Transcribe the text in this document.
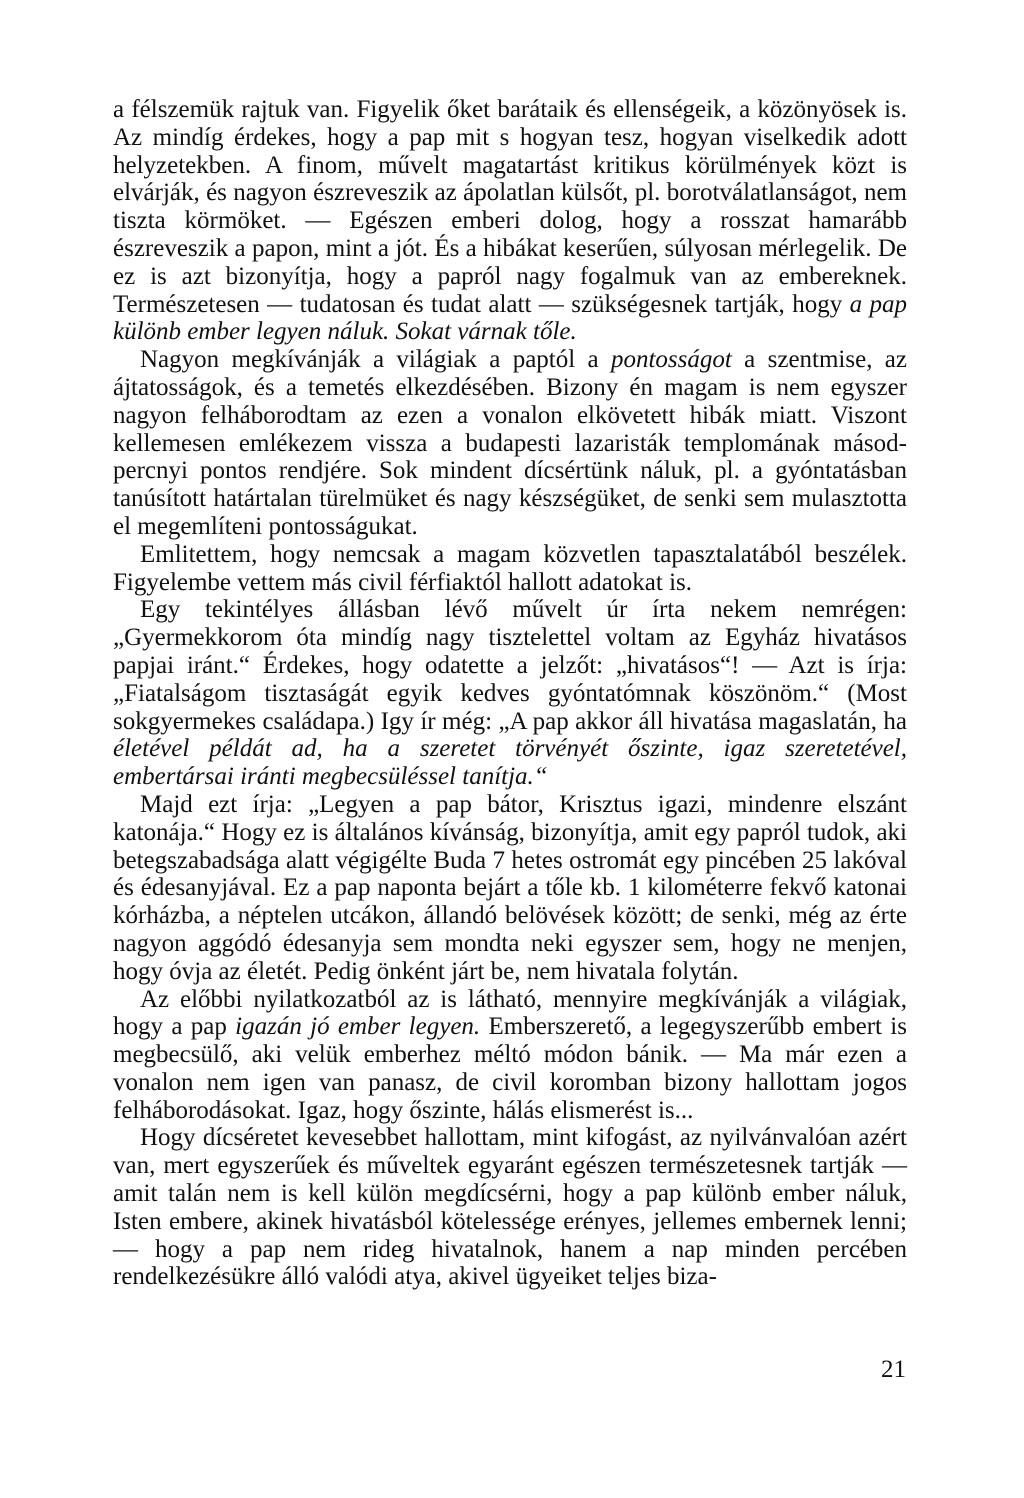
a félszemük rajtuk van. Figyelik őket barátaik és ellenségeik, a közönyösek is. Az mindíg érdekes, hogy a pap mit s hogyan tesz, hogyan viselkedik adott helyzetekben. A finom, művelt magatartást kritikus körülmények közt is elvárják, és nagyon észreveszik az ápolatlan külsőt, pl. borotválatlanságot, nem tiszta körmöket. — Egészen emberi dolog, hogy a rosszat hamarább észreveszik a papon, mint a jót. És a hibákat keserűen, súlyosan mérlegelik. De ez is azt bizonyítja, hogy a papról nagy fogalmuk van az embereknek. Természetesen — tudatosan és tudat alatt — szükségesnek tartják, hogy a pap különb ember legyen náluk. Sokat várnak tőle.

Nagyon megkívánják a világiak a paptól a pontosságot a szentmise, az ájtatosságok, és a temetés elkezdésében. Bizony én magam is nem egyszer nagyon felháborodtam az ezen a vonalon elkövetett hibák miatt. Viszont kellemesen emlékezem vissza a budapesti lazaristák templomának másodpercnyi pontos rendjére. Sok mindent dícsértünk náluk, pl. a gyóntatásban tanúsított határtalan türelmüket és nagy készségüket, de senki sem mulasztotta el megemlíteni pontosságukat.

Emlitettem, hogy nemcsak a magam közvetlen tapasztalatából beszélek. Figyelembe vettem más civil férfiaktól hallott adatokat is.

Egy tekintélyes állásban lévő művelt úr írta nekem nemrégen: „Gyermekkorom óta mindíg nagy tisztelettel voltam az Egyház hivatásos papjai iránt.“ Érdekes, hogy odatette a jelzőt: „hivatásos“! — Azt is írja: „Fiatalságom tisztaságát egyik kedves gyóntatómnak köszönöm.“ (Most sokgyermekes családapa.) Igy ír még: „A pap akkor áll hivatása magaslatán, ha életével példát ad, ha a szeretet törvényét őszinte, igaz szeretetével, embertársai iránti megbecsüléssel tanítja.“

Majd ezt írja: „Legyen a pap bátor, Krisztus igazi, mindenre elszánt katonája.“ Hogy ez is általános kívánság, bizonyítja, amit egy papról tudok, aki betegszabadsága alatt végigélte Buda 7 hetes ostromát egy pincében 25 lakóval és édesanyjával. Ez a pap naponta bejárt a tőle kb. 1 kilométerre fekvő katonai kórházba, a néptelen utcákon, állandó belövések között; de senki, még az érte nagyon aggódó édesanyja sem mondta neki egyszer sem, hogy ne menjen, hogy óvja az életét. Pedig önként járt be, nem hivatala folytán.

Az előbbi nyilatkozatból az is látható, mennyire megkívánják a világiak, hogy a pap igazán jó ember legyen. Emberszerető, a legegyszerűbb embert is megbecsülő, aki velük emberhez méltó módon bánik. — Ma már ezen a vonalon nem igen van panasz, de civil koromban bizony hallottam jogos felháborodásokat. Igaz, hogy őszinte, hálás elismerést is...

Hogy dícséretet kevesebbet hallottam, mint kifogást, az nyilvánvalóan azért van, mert egyszerűek és műveltek egyaránt egészen természetesnek tartják — amit talán nem is kell külön megdícsérni, hogy a pap különb ember náluk, Isten embere, akinek hivatásból kötelessége erényes, jellemes embernek lenni; — hogy a pap nem rideg hivatalnok, hanem a nap minden percében rendelkezésükre álló valódi atya, akivel ügyeiket teljes biza-

21
